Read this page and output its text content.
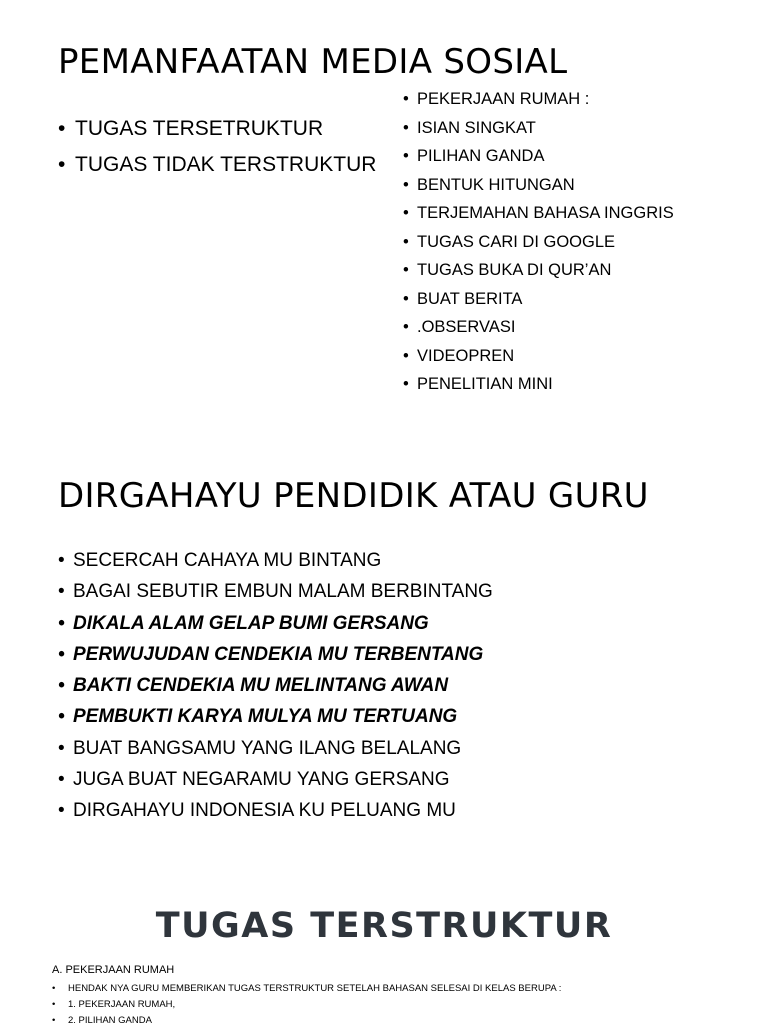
PEMANFAATAN MEDIA SOSIAL
• TUGAS TERSETRUKTUR
• TUGAS TIDAK TERSTRUKTUR
• PEKERJAAN RUMAH :
• ISIAN SINGKAT
• PILIHAN GANDA
• BENTUK HITUNGAN
• TERJEMAHAN BAHASA INGGRIS
• TUGAS CARI DI GOOGLE
• TUGAS BUKA DI QUR’AN
• BUAT BERITA
• .OBSERVASI
• VIDEOPREN
• PENELITIAN MINI
DIRGAHAYU PENDIDIK ATAU GURU
• SECERCAH CAHAYA MU BINTANG
• BAGAI SEBUTIR EMBUN MALAM BERBINTANG
• DIKALA ALAM GELAP BUMI GERSANG
• PERWUJUDAN CENDEKIA MU TERBENTANG
• BAKTI CENDEKIA MU MELINTANG AWAN
• PEMBUKTI KARYA MULYA MU TERTUANG
• BUAT BANGSAMU YANG ILANG BELALANG
• JUGA BUAT NEGARAMU YANG GERSANG
• DIRGAHAYU INDONESIA KU PELUANG MU
TUGAS TERSTRUKTUR
A. PEKERJAAN RUMAH
• HENDAK NYA GURU MEMBERIKAN TUGAS TERSTRUKTUR SETELAH BAHASAN SELESAI DI KELAS BERUPA :
• 1. PEKERJAAN RUMAH,
• 2. PILIHAN GANDA
